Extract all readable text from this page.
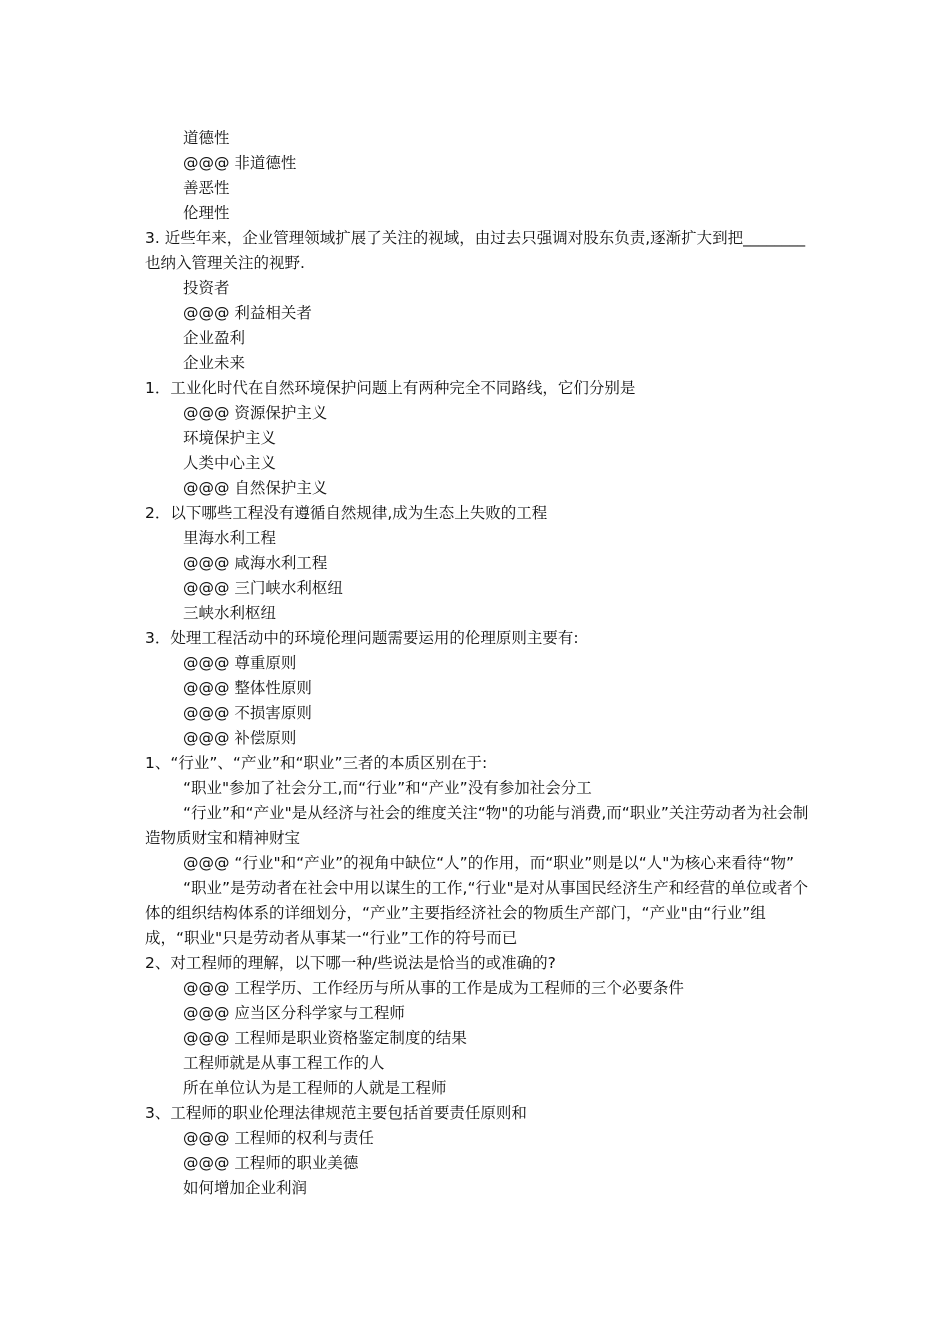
道德性

@@@ 非道德性

善恶性

伦理性

3. 近些年来，企业管理领域扩展了关注的视域，由过去只强调对股东负责,逐渐扩大到把________也纳入管理关注的视野.

投资者

@@@ 利益相关者

企业盈利

企业未来

1．工业化时代在自然环境保护问题上有两种完全不同路线，它们分别是

@@@ 资源保护主义

环境保护主义

人类中心主义

@@@ 自然保护主义

2．以下哪些工程没有遵循自然规律,成为生态上失败的工程

里海水利工程

@@@ 咸海水利工程

@@@ 三门峡水利枢纽

三峡水利枢纽

3．处理工程活动中的环境伦理问题需要运用的伦理原则主要有:

@@@ 尊重原则

@@@ 整体性原则

@@@ 不损害原则

@@@ 补偿原则

1、“行业”、“产业”和“职业”三者的本质区别在于:

“职业"参加了社会分工,而“行业”和“产业”没有参加社会分工

“行业”和“产业"是从经济与社会的维度关注“物"的功能与消费,而“职业”关注劳动者为社会制造物质财宝和精神财宝

@@@ “行业"和“产业”的视角中缺位“人”的作用，而“职业”则是以“人"为核心来看待“物”

“职业”是劳动者在社会中用以谋生的工作,“行业"是对从事国民经济生产和经营的单位或者个体的组织结构体系的详细划分，“产业”主要指经济社会的物质生产部门，“产业"由“行业”组成，“职业"只是劳动者从事某一“行业”工作的符号而已

2、对工程师的理解，以下哪一种/些说法是恰当的或准确的?

@@@ 工程学历、工作经历与所从事的工作是成为工程师的三个必要条件

@@@ 应当区分科学家与工程师

@@@ 工程师是职业资格鉴定制度的结果

工程师就是从事工程工作的人

所在单位认为是工程师的人就是工程师

3、工程师的职业伦理法律规范主要包括首要责任原则和

@@@ 工程师的权利与责任

@@@ 工程师的职业美德

如何增加企业利润
